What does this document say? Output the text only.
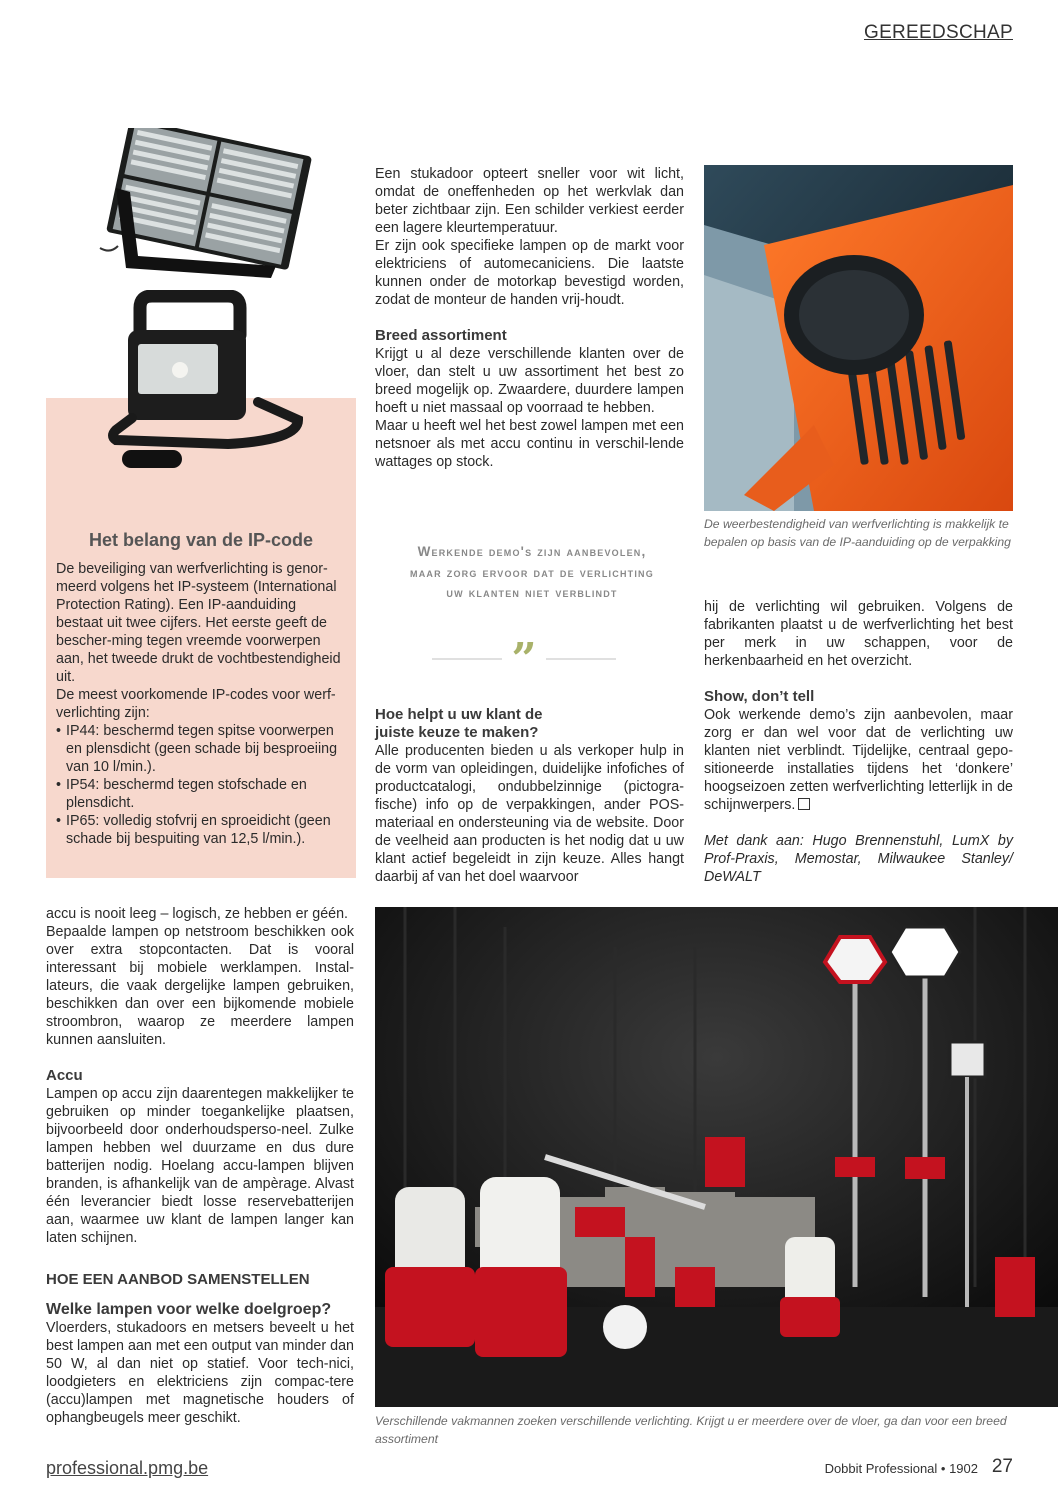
GEREEDSCHAP
Het belang van de IP-code

De beveiliging van werfverlichting is genor-meerd volgens het IP-systeem (International Protection Rating). Een IP-aanduiding bestaat uit twee cijfers. Het eerste geeft de bescher-ming tegen vreemde voorwerpen aan, het tweede drukt de vochtbestendigheid uit.

De meest voorkomende IP-codes voor werf-verlichting zijn:

• IP44: beschermd tegen spitse voorwerpen en plensdicht (geen schade bij besproeiing van 10 l/min.).
• IP54: beschermd tegen stofschade en plensdicht.
• IP65: volledig stofvrij en sproeidicht (geen schade bij bespuiting van 12,5 l/min.).

Een stukadoor opteert sneller voor wit licht, omdat de oneffenheden op het werkvlak dan beter zichtbaar zijn. Een schilder verkiest eerder een lagere kleurtemperatuur.

Er zijn ook specifieke lampen op de markt voor elektriciens of automecaniciens. Die laatste kunnen onder de motorkap bevestigd worden, zodat de monteur de handen vrij-houdt.

Breed assortiment

Krijgt u al deze verschillende klanten over de vloer, dan stelt u uw assortiment het best zo breed mogelijk op. Zwaardere, duurdere lampen hoeft u niet massaal op voorraad te hebben.

Maar u heeft wel het best zowel lampen met een netsnoer als met accu continu in verschil-lende wattages op stock.

Werkende demo's zijn aanbevolen, maar zorg ervoor dat de verlichting uw klanten niet verblindt
”
Hoe helpt u uw klant de juiste keuze te maken?

Alle producenten bieden u als verkoper hulp in de vorm van opleidingen, duidelijke infofiches of productcatalogi, ondubbelzinnige (pictogra-fische) info op de verpakkingen, ander POS-materiaal en ondersteuning via de website. Door de veelheid aan producten is het nodig dat u uw klant actief begeleidt in zijn keuze. Alles hangt daarbij af van het doel waarvoor

De weerbestendigheid van werfverlichting is makkelijk te bepalen op basis van de IP-aanduiding op de verpakking

hij de verlichting wil gebruiken. Volgens de fabrikanten plaatst u de werfverlichting het best per merk in uw schappen, voor de herkenbaarheid en het overzicht.

Show, don’t tell

Ook werkende demo’s zijn aanbevolen, maar zorg er dan wel voor dat de verlichting uw klanten niet verblindt. Tijdelijke, centraal gepo-sitioneerde installaties tijdens het ‘donkere’ hoogseizoen zetten werfverlichting letterlijk in de schijnwerpers.

Met dank aan: Hugo Brennenstuhl, LumX by Prof-Praxis, Memostar, Milwaukee Stanley/ DeWALT

accu is nooit leeg – logisch, ze hebben er géén.

Bepaalde lampen op netstroom beschikken ook over extra stopcontacten. Dat is vooral interessant bij mobiele werklampen. Instal-lateurs, die vaak dergelijke lampen gebruiken, beschikken dan over een bijkomende mobiele stroombron, waarop ze meerdere lampen kunnen aansluiten.

Accu

Lampen op accu zijn daarentegen makkelijker te gebruiken op minder toegankelijke plaatsen, bijvoorbeeld door onderhoudsperso-neel. Zulke lampen hebben wel duurzame en dus dure batterijen nodig. Hoelang accu-lampen blijven branden, is afhankelijk van de ampèrage. Alvast één leverancier biedt losse reservebatterijen aan, waarmee uw klant de lampen langer kan laten schijnen.

HOE EEN AANBOD SAMENSTELLEN
Welke lampen voor welke doelgroep?

Vloerders, stukadoors en metsers beveelt u het best lampen aan met een output van minder dan 50 W, al dan niet op statief. Voor tech-nici, loodgieters en elektriciens zijn compac-tere (accu)lampen met magnetische houders of ophangbeugels meer geschikt.	Verschillende vakmannen zoeken verschillende verlichting. Krijgt u er meerdere over de vloer, ga dan voor een breed assortiment
professional.pmg.be	Dobbit Professional • 1902 27
